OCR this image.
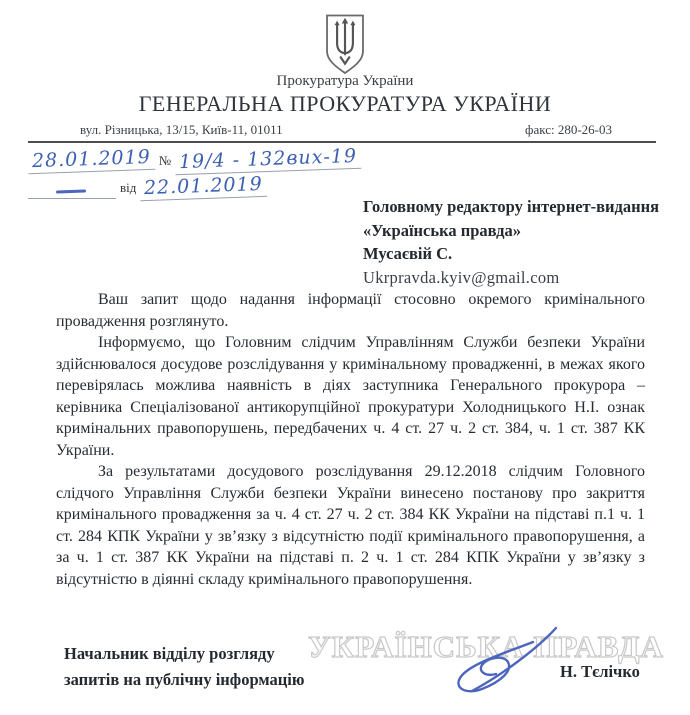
Прокуратура України
ГЕНЕРАЛЬНА ПРОКУРАТУРА УКРАЇНИ
вул. Різницька, 13/15, Київ-11, 01011	факс: 280-26-03
28.01.2019 № 19/4 - 132вих-19
від 22.01.2019
Головному редактору інтернет-видання
«Українська правда»
Мусаєвій С.
Ukrpravda.kyiv@gmail.com

Ваш запит щодо надання інформації стосовно окремого кримінального провадження розглянуто.

Інформуємо, що Головним слідчим Управлінням Служби безпеки України здійснювалося досудове розслідування у кримінальному провадженні, в межах якого перевірялась можлива наявність в діях заступника Генерального прокурора – керівника Спеціалізованої антикорупційної прокуратури Холодницького Н.І. ознак кримінальних правопорушень, передбачених ч. 4 ст. 27 ч. 2 ст. 384, ч. 1 ст. 387 КК України.

За результатами досудового розслідування 29.12.2018 слідчим Головного слідчого Управління Служби безпеки України винесено постанову про закриття кримінального провадження за ч. 4 ст. 27 ч. 2 ст. 384 КК України на підставі п.1 ч. 1 ст. 284 КПК України у зв’язку з відсутністю події кримінального правопорушення, а за ч. 1 ст. 387 КК України на підставі п. 2 ч. 1 ст. 284 КПК України у зв’язку з відсутністю в діянні складу кримінального правопорушення.

УКРАЇНСЬКА ПРАВДА
Начальник відділу розгляду
запитів на публічну інформацію	Н. Тєлічко
